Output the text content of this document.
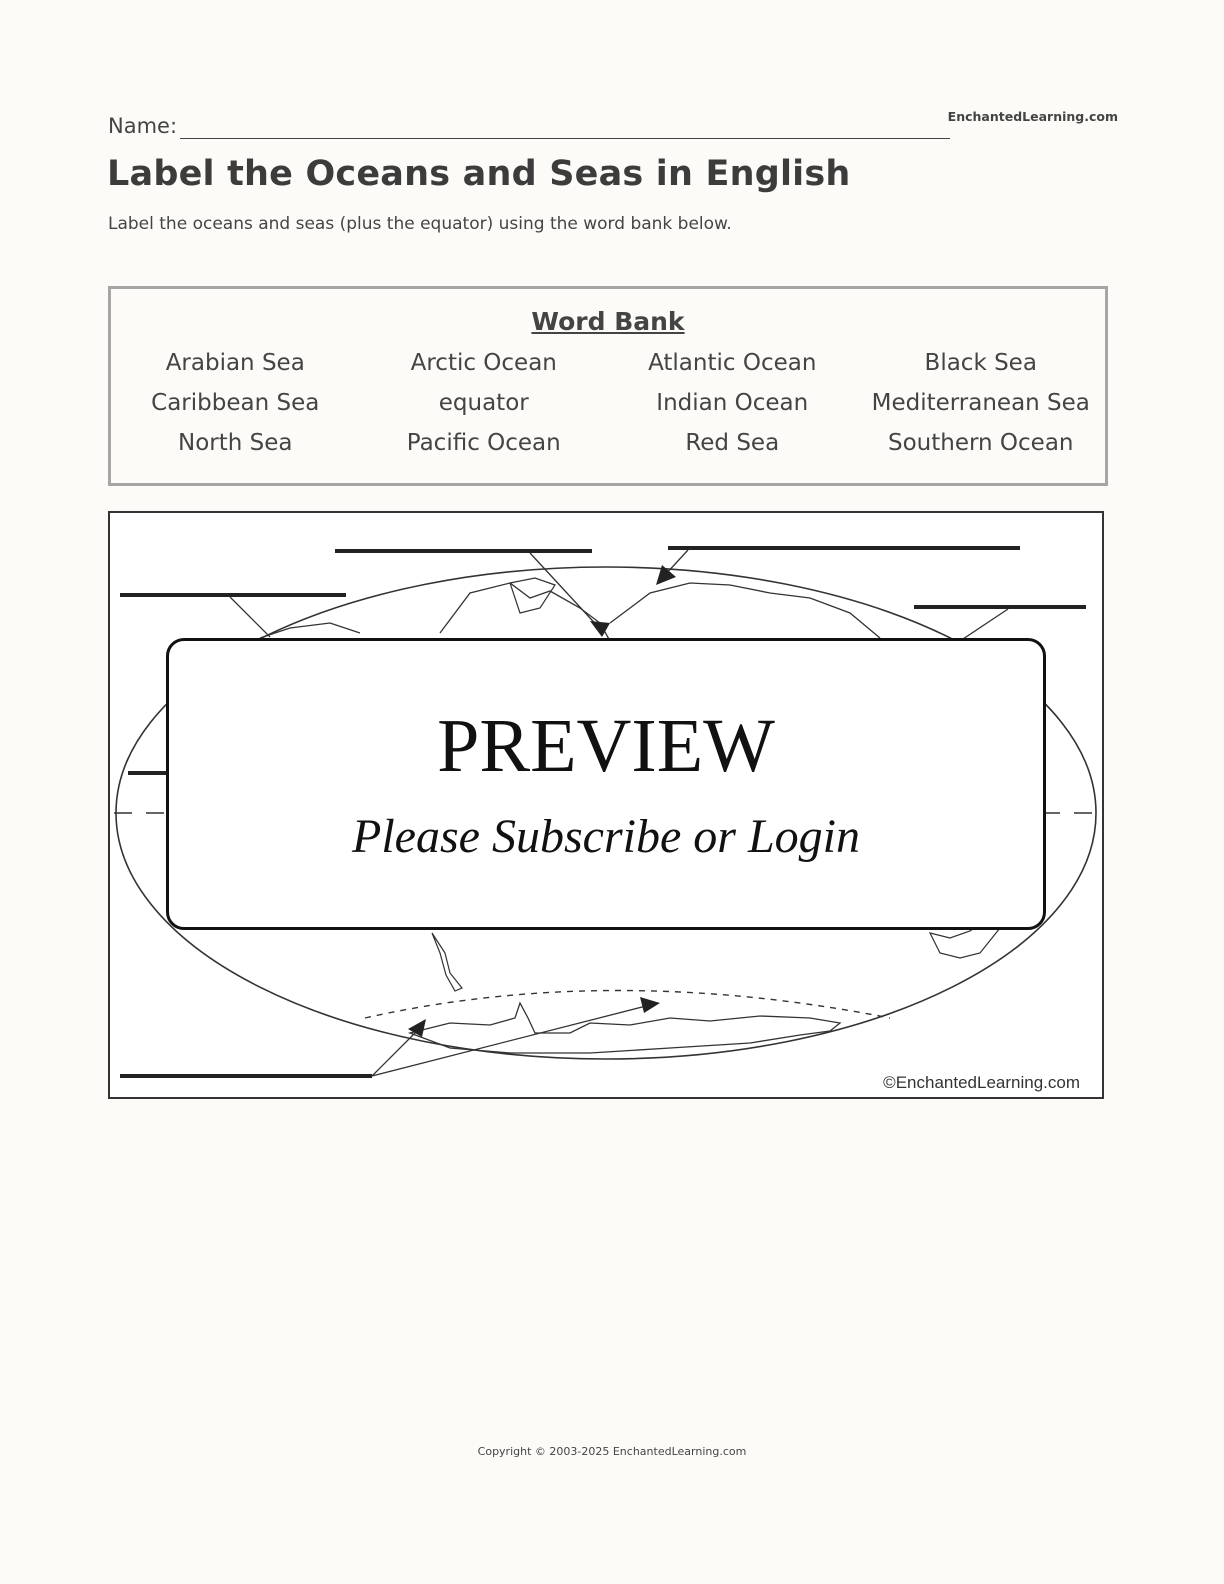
Name:	EnchantedLearning.com
Label the Oceans and Seas in English
Label the oceans and seas (plus the equator) using the word bank below.
Word Bank
Arabian Sea	Arctic Ocean	Atlantic Ocean	Black Sea
Caribbean Sea	equator	Indian Ocean	Mediterranean Sea
North Sea	Pacific Ocean	Red Sea	Southern Ocean
©EnchantedLearning.com
PREVIEW
Please Subscribe or Login
Copyright © 2003-2025 EnchantedLearning.com
